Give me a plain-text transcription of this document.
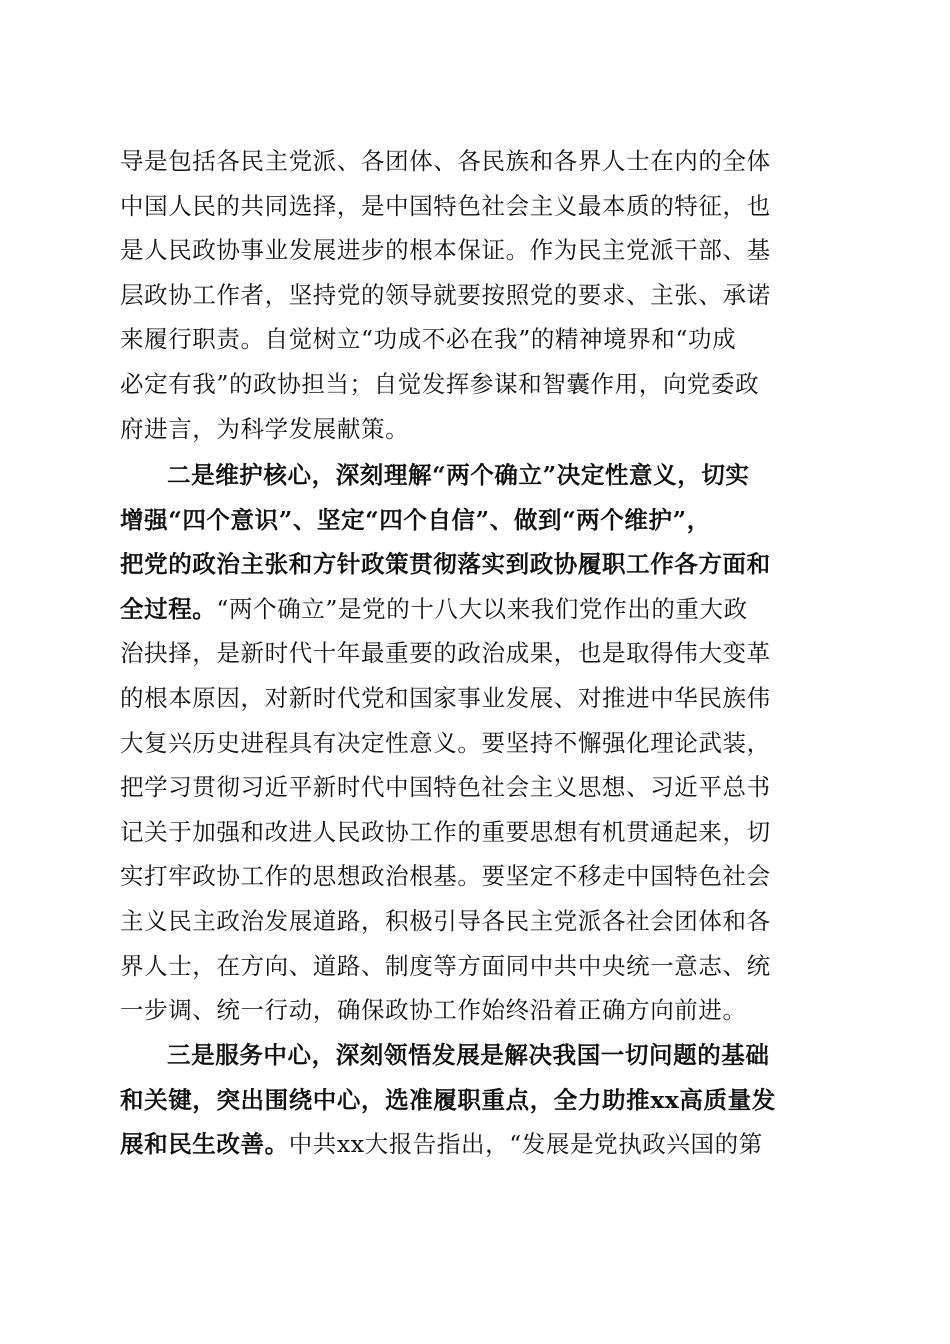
导是包括各民主党派、各团体、各民族和各界人士在内的全体
中国人民的共同选择，是中国特色社会主义最本质的特征，也
是人民政协事业发展进步的根本保证。作为民主党派干部、基
层政协工作者，坚持党的领导就要按照党的要求、主张、承诺
来履行职责。自觉树立“功成不必在我”的精神境界和“功成
必定有我”的政协担当；自觉发挥参谋和智囊作用，向党委政
府进言，为科学发展献策。
二是维护核心，深刻理解“两个确立”决定性意义，切实
增强“四个意识”、坚定“四个自信”、做到“两个维护”，
把党的政治主张和方针政策贯彻落实到政协履职工作各方面和
全过程。“两个确立”是党的十八大以来我们党作出的重大政
治抉择，是新时代十年最重要的政治成果，也是取得伟大变革
的根本原因，对新时代党和国家事业发展、对推进中华民族伟
大复兴历史进程具有决定性意义。要坚持不懈强化理论武装，
把学习贯彻习近平新时代中国特色社会主义思想、习近平总书
记关于加强和改进人民政协工作的重要思想有机贯通起来，切
实打牢政协工作的思想政治根基。要坚定不移走中国特色社会
主义民主政治发展道路，积极引导各民主党派各社会团体和各
界人士，在方向、道路、制度等方面同中共中央统一意志、统
一步调、统一行动，确保政协工作始终沿着正确方向前进。
三是服务中心，深刻领悟发展是解决我国一切问题的基础
和关键，突出围绕中心，选准履职重点，全力助推xx高质量发
展和民生改善。中共xx大报告指出，“发展是党执政兴国的第
